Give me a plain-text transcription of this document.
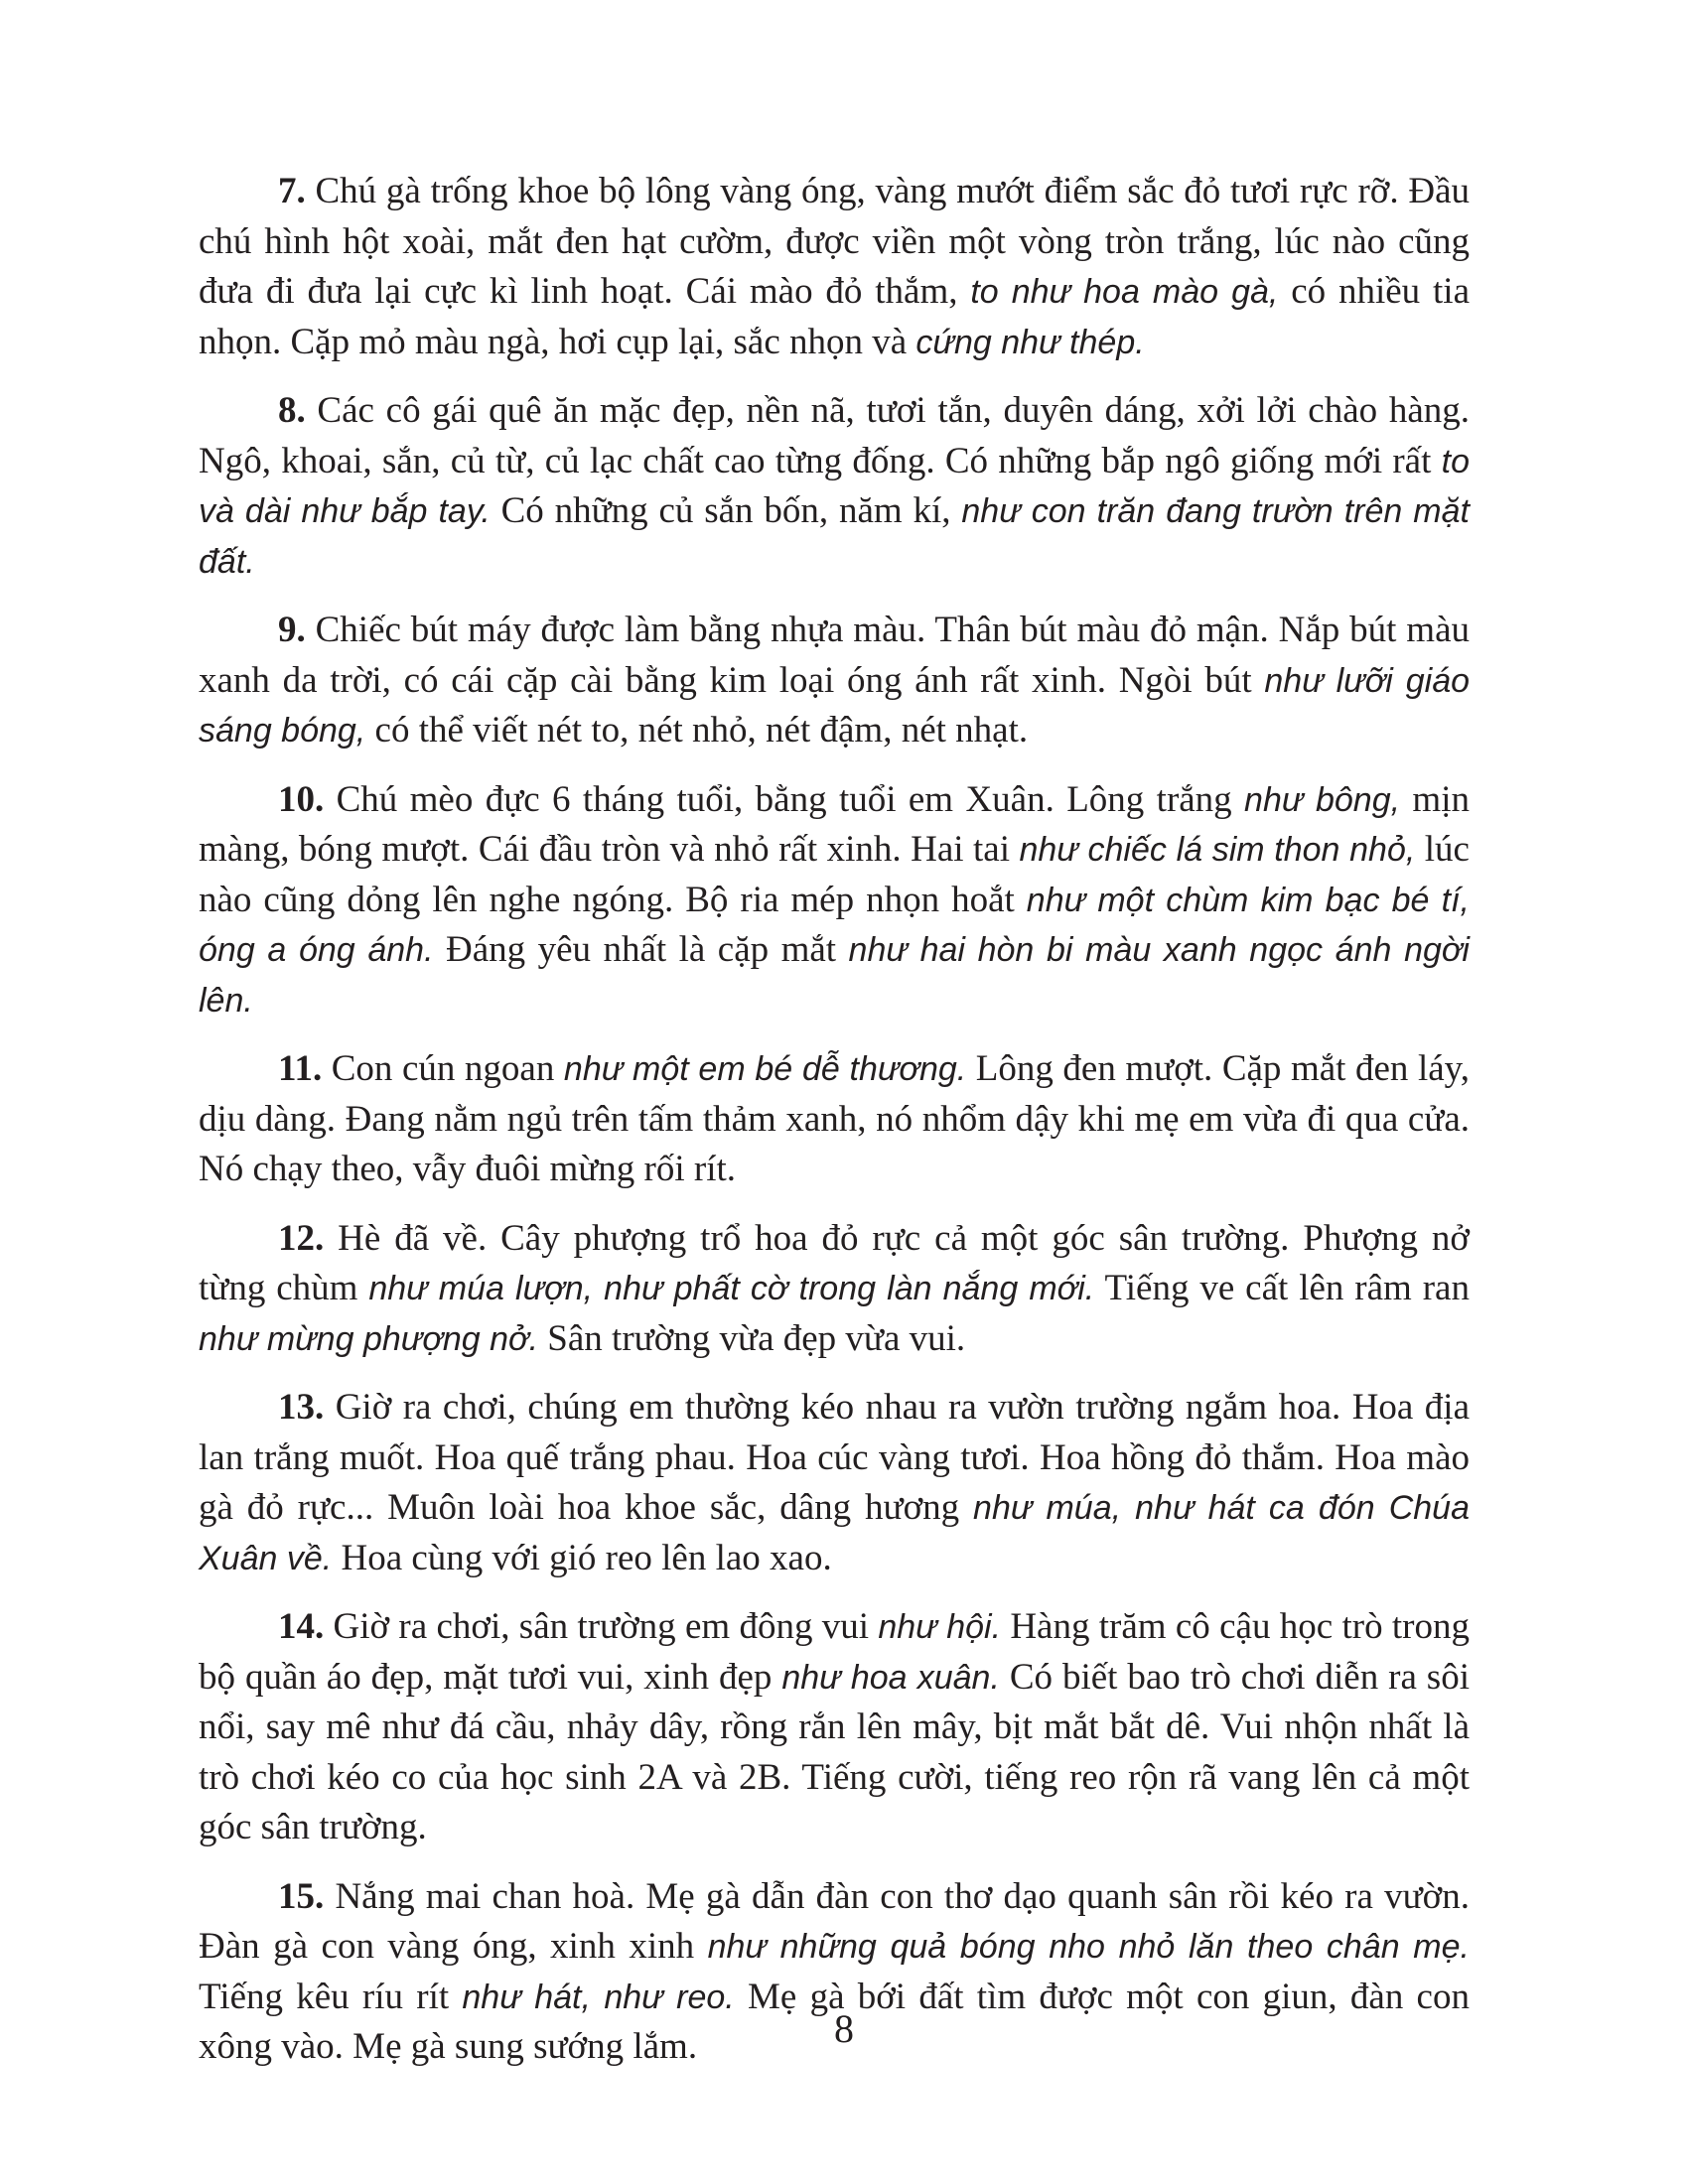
7. Chú gà trống khoe bộ lông vàng óng, vàng mướt điểm sắc đỏ tươi rực rỡ. Đầu chú hình hột xoài, mắt đen hạt cườm, được viền một vòng tròn trắng, lúc nào cũng đưa đi đưa lại cực kì linh hoạt. Cái mào đỏ thắm, to như hoa mào gà, có nhiều tia nhọn. Cặp mỏ màu ngà, hơi cụp lại, sắc nhọn và cứng như thép.

8. Các cô gái quê ăn mặc đẹp, nền nã, tươi tắn, duyên dáng, xởi lởi chào hàng. Ngô, khoai, sắn, củ từ, củ lạc chất cao từng đống. Có những bắp ngô giống mới rất to và dài như bắp tay. Có những củ sắn bốn, năm kí, như con trăn đang trườn trên mặt đất.

9. Chiếc bút máy được làm bằng nhựa màu. Thân bút màu đỏ mận. Nắp bút màu xanh da trời, có cái cặp cài bằng kim loại óng ánh rất xinh. Ngòi bút như lưỡi giáo sáng bóng, có thể viết nét to, nét nhỏ, nét đậm, nét nhạt.

10. Chú mèo đực 6 tháng tuổi, bằng tuổi em Xuân. Lông trắng như bông, mịn màng, bóng mượt. Cái đầu tròn và nhỏ rất xinh. Hai tai như chiếc lá sim thon nhỏ, lúc nào cũng dỏng lên nghe ngóng. Bộ ria mép nhọn hoắt như một chùm kim bạc bé tí, óng a óng ánh. Đáng yêu nhất là cặp mắt như hai hòn bi màu xanh ngọc ánh ngời lên.

11. Con cún ngoan như một em bé dễ thương. Lông đen mượt. Cặp mắt đen láy, dịu dàng. Đang nằm ngủ trên tấm thảm xanh, nó nhổm dậy khi mẹ em vừa đi qua cửa. Nó chạy theo, vẫy đuôi mừng rối rít.

12. Hè đã về. Cây phượng trổ hoa đỏ rực cả một góc sân trường. Phượng nở từng chùm như múa lượn, như phất cờ trong làn nắng mới. Tiếng ve cất lên râm ran như mừng phượng nở. Sân trường vừa đẹp vừa vui.

13. Giờ ra chơi, chúng em thường kéo nhau ra vườn trường ngắm hoa. Hoa địa lan trắng muốt. Hoa quế trắng phau. Hoa cúc vàng tươi. Hoa hồng đỏ thắm. Hoa mào gà đỏ rực... Muôn loài hoa khoe sắc, dâng hương như múa, như hát ca đón Chúa Xuân về. Hoa cùng với gió reo lên lao xao.

14. Giờ ra chơi, sân trường em đông vui như hội. Hàng trăm cô cậu học trò trong bộ quần áo đẹp, mặt tươi vui, xinh đẹp như hoa xuân. Có biết bao trò chơi diễn ra sôi nổi, say mê như đá cầu, nhảy dây, rồng rắn lên mây, bịt mắt bắt dê. Vui nhộn nhất là trò chơi kéo co của học sinh 2A và 2B. Tiếng cười, tiếng reo rộn rã vang lên cả một góc sân trường.

15. Nắng mai chan hoà. Mẹ gà dẫn đàn con thơ dạo quanh sân rồi kéo ra vườn. Đàn gà con vàng óng, xinh xinh như những quả bóng nho nhỏ lăn theo chân mẹ. Tiếng kêu ríu rít như hát, như reo. Mẹ gà bới đất tìm được một con giun, đàn con xông vào. Mẹ gà sung sướng lắm.	8
